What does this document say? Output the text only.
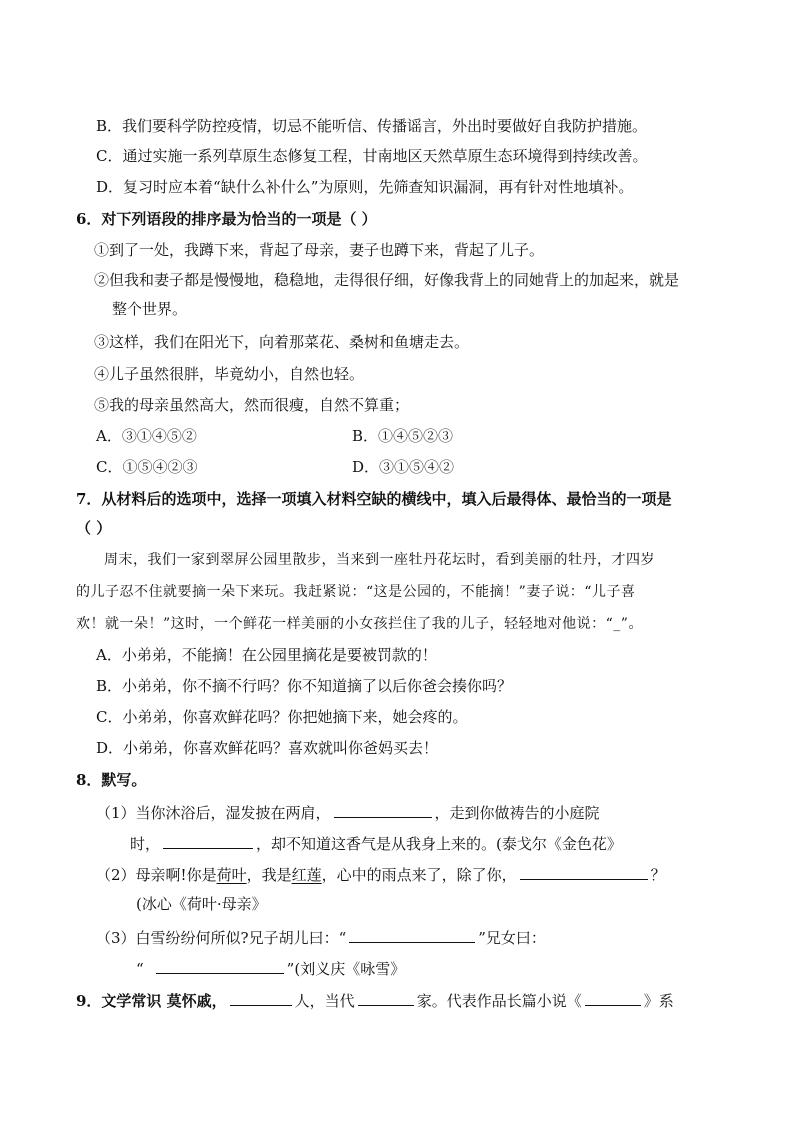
B．我们要科学防控疫情，切忌不能听信、传播谣言，外出时要做好自我防护措施。
C．通过实施一系列草原生态修复工程，甘南地区天然草原生态环境得到持续改善。
D．复习时应本着“缺什么补什么”为原则，先筛查知识漏洞，再有针对性地填补。
6．对下列语段的排序最为恰当的一项是（ ）
①到了一处，我蹲下来，背起了母亲，妻子也蹲下来，背起了儿子。
②但我和妻子都是慢慢地，稳稳地，走得很仔细，好像我背上的同她背上的加起来，就是
整个世界。
③这样，我们在阳光下，向着那菜花、桑树和鱼塘走去。
④儿子虽然很胖，毕竟幼小，自然也轻。
⑤我的母亲虽然高大，然而很瘦，自然不算重；
A．③①④⑤②	B．①④⑤②③
C．①⑤④②③	D．③①⑤④②
7．从材料后的选项中，选择一项填入材料空缺的横线中，填入后最得体、最恰当的一项是
（ ）
周末，我们一家到翠屏公园里散步，当来到一座牡丹花坛时，看到美丽的牡丹，才四岁
的儿子忍不住就要摘一朵下来玩。我赶紧说：“这是公园的，不能摘！”妻子说：“儿子喜
欢！就一朵！”这时，一个鲜花一样美丽的小女孩拦住了我的儿子，轻轻地对他说：“_”。
A．小弟弟，不能摘！在公园里摘花是要被罚款的！
B．小弟弟，你不摘不行吗？你不知道摘了以后你爸会揍你吗？
C．小弟弟，你喜欢鲜花吗？你把她摘下来，她会疼的。
D．小弟弟，你喜欢鲜花吗？喜欢就叫你爸妈买去！
8．默写。
（1）当你沐浴后，湿发披在两肩，	，走到你做祷告的小庭院
时，	，却不知道这香气是从我身上来的。(泰戈尔《金色花》
（2）母亲啊!你是荷叶，我是红莲，心中的雨点来了，除了你，	？
(冰心《荷叶·母亲》
（3）白雪纷纷何所似?兄子胡儿曰：“	”兄女曰：
“	”(刘义庆《咏雪》
9．文学常识 莫怀戚，	人，当代	家。代表作品长篇小说《	》系
